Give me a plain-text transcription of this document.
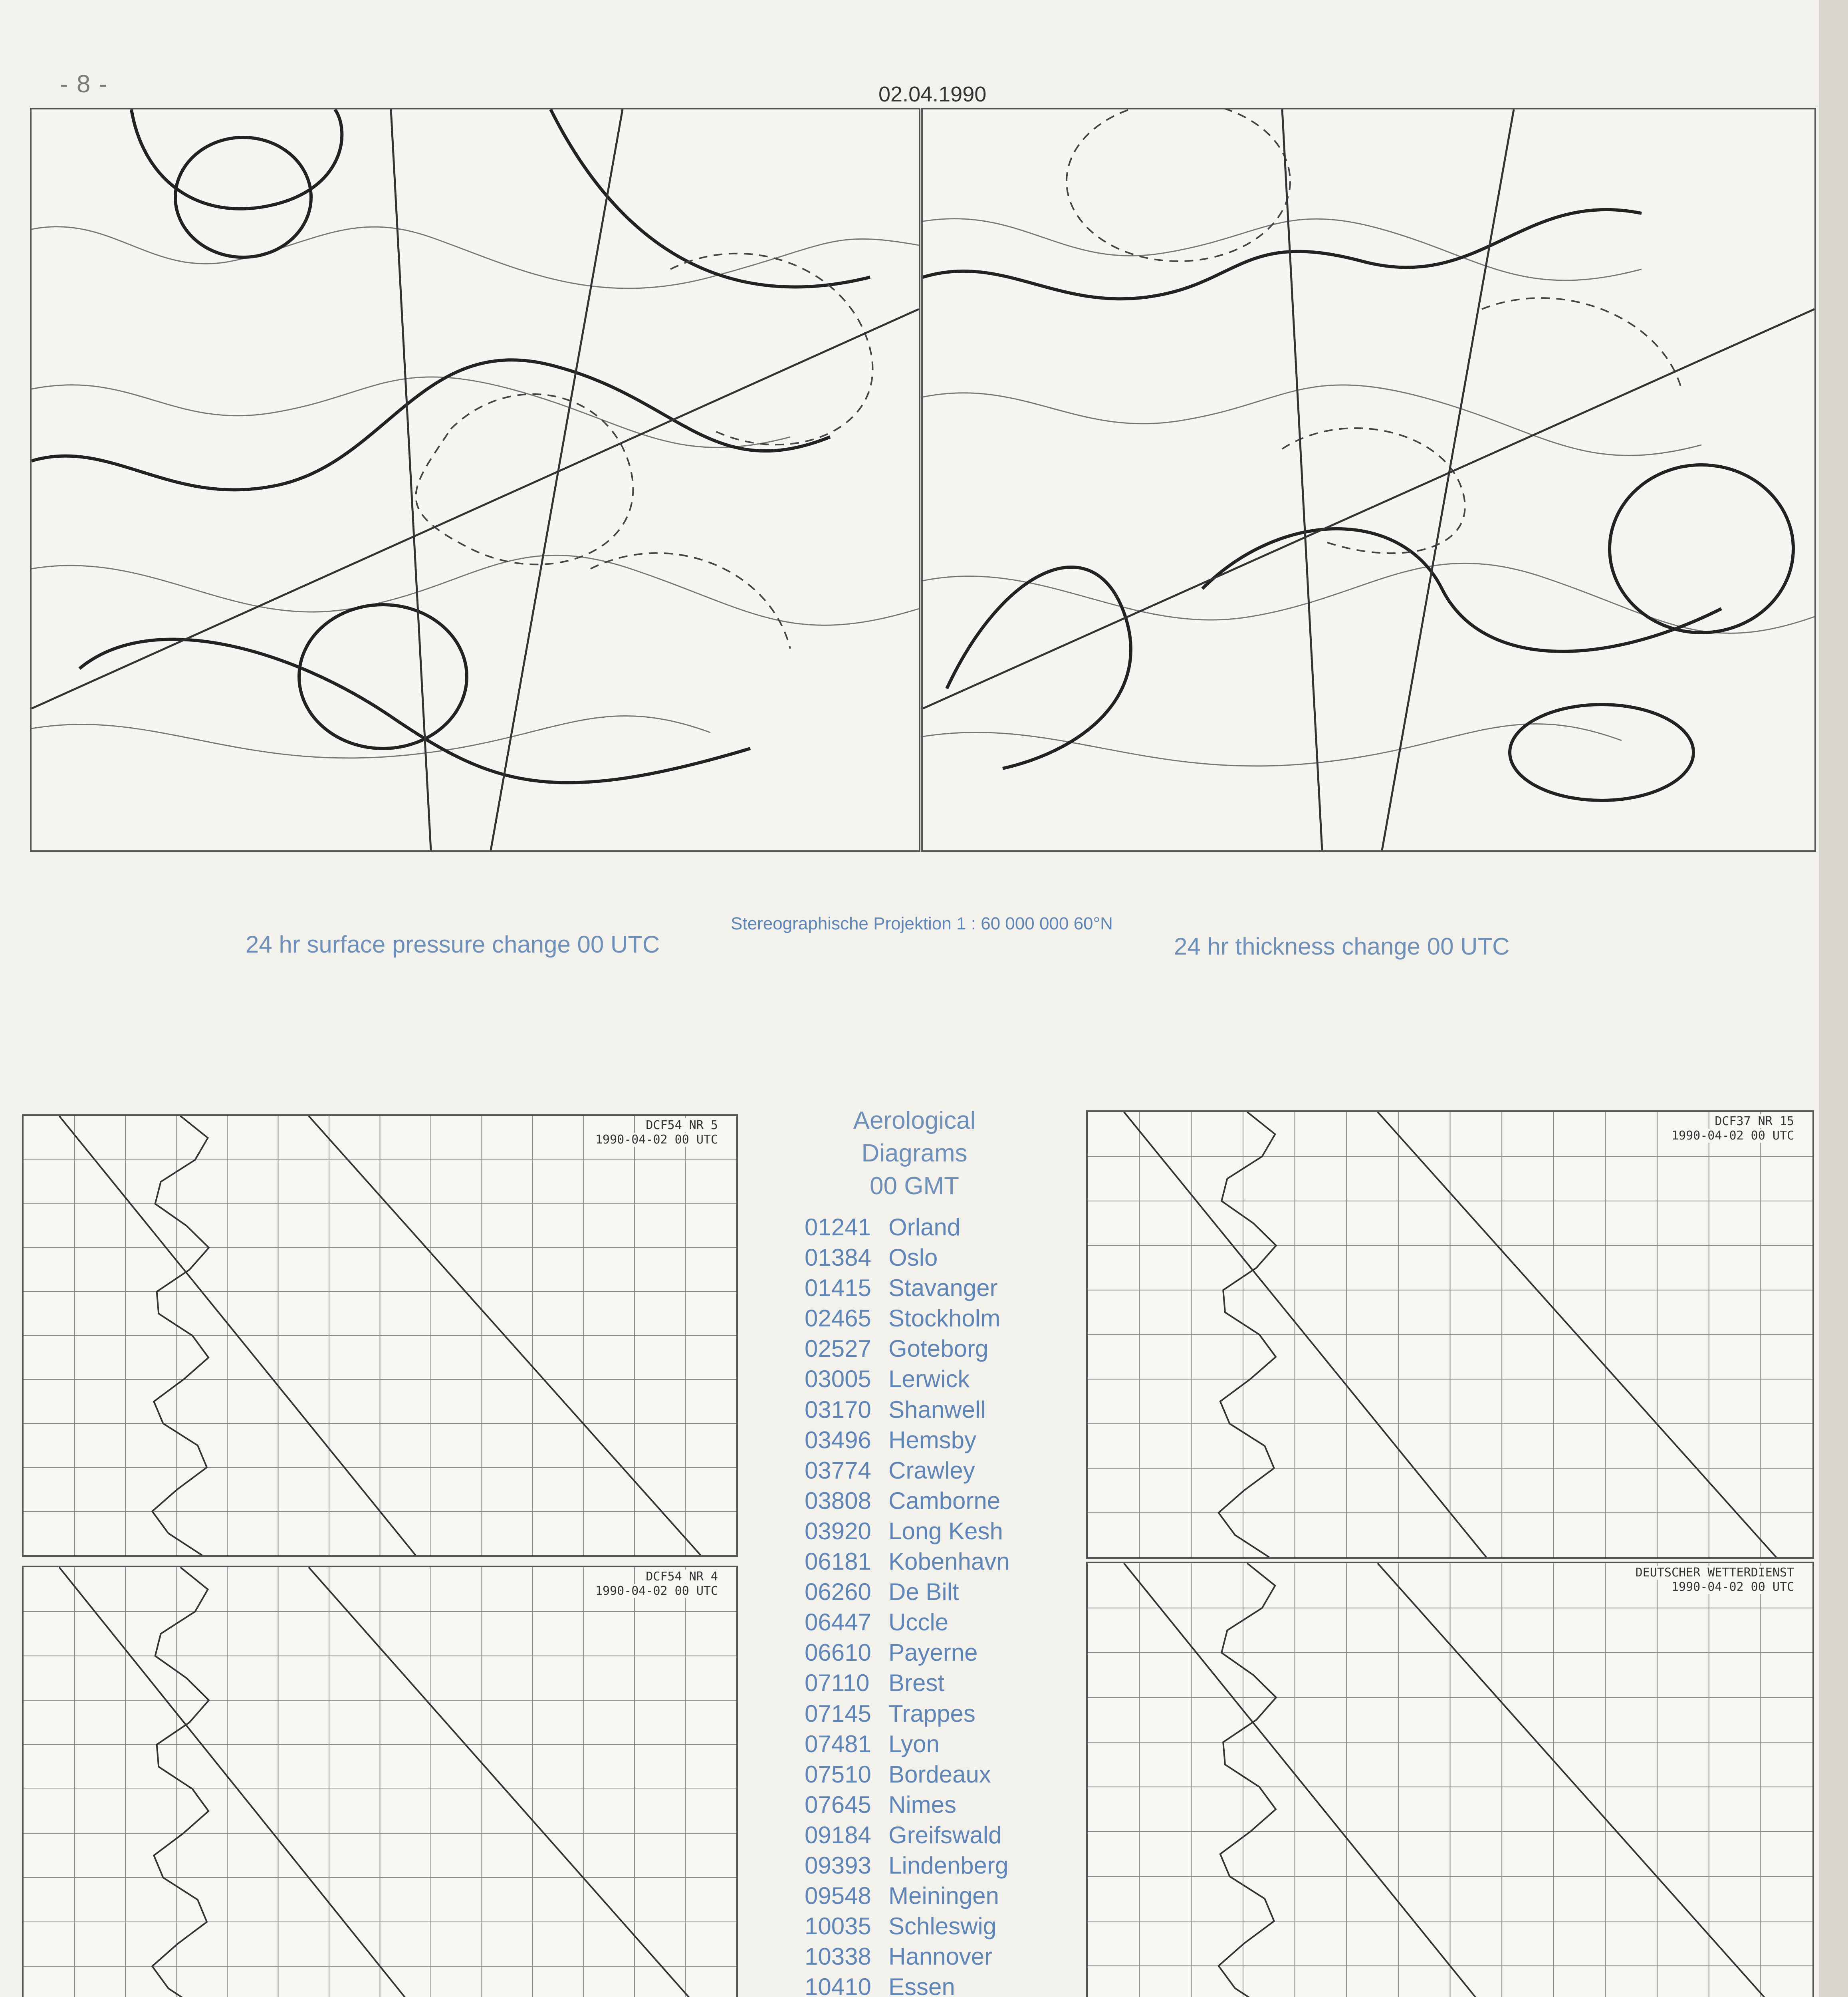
- 8 -	02.04.1990
24 hr surface pressure change 00 UTC
Stereographische Projektion 1 : 60 000 000 60°N
24 hr thickness change 00 UTC
Aerological
Diagrams
00 GMT
01241 Orland
01384 Oslo
01415 Stavanger
02465 Stockholm
02527 Goteborg
03005 Lerwick
03170 Shanwell
03496 Hemsby
03774 Crawley
03808 Camborne
03920 Long Kesh
06181 Kobenhavn
06260 De Bilt
06447 Uccle
06610 Payerne
07110 Brest
07145 Trappes
07481 Lyon
07510 Bordeaux
07645 Nimes
09184 Greifswald
09393 Lindenberg
09548 Meiningen
10035 Schleswig
10338 Hannover
10410 Essen
DCF54 NR 5
1990-04-02 00 UTC
DCF54 NR 4
1990-04-02 00 UTC
DCF37 NR 15
1990-04-02 00 UTC
DEUTSCHER WETTERDIENST
1990-04-02 00 UTC
